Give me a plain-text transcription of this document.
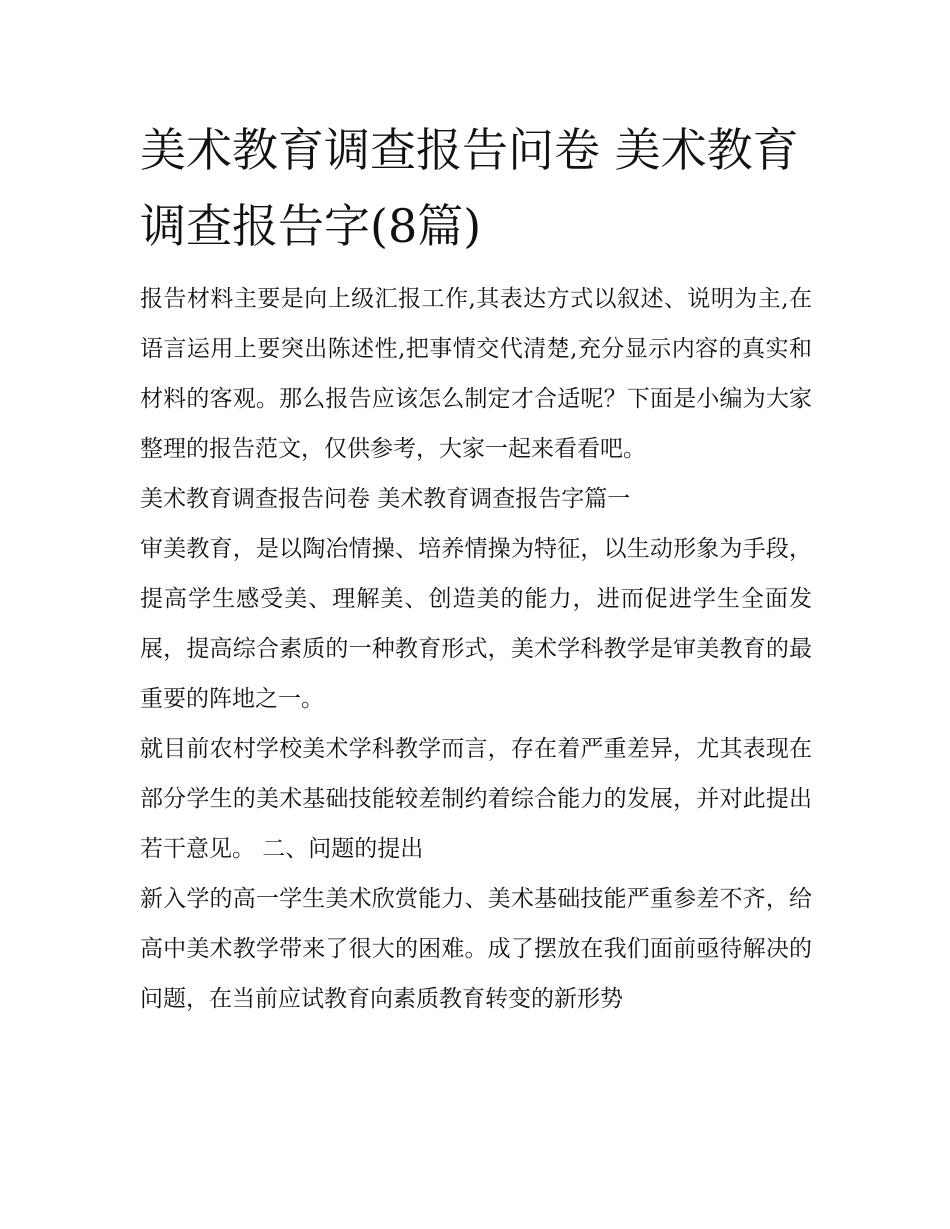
美术教育调查报告问卷 美术教育调查报告字(8篇)

报告材料主要是向上级汇报工作,其表达方式以叙述、说明为主,在语言运用上要突出陈述性,把事情交代清楚,充分显示内容的真实和材料的客观。那么报告应该怎么制定才合适呢？下面是小编为大家整理的报告范文，仅供参考，大家一起来看看吧。

美术教育调查报告问卷 美术教育调查报告字篇一

审美教育，是以陶冶情操、培养情操为特征，以生动形象为手段，提高学生感受美、理解美、创造美的能力，进而促进学生全面发展，提高综合素质的一种教育形式，美术学科教学是审美教育的最重要的阵地之一。

就目前农村学校美术学科教学而言，存在着严重差异，尤其表现在部分学生的美术基础技能较差制约着综合能力的发展，并对此提出若干意见。 二、问题的提出

新入学的高一学生美术欣赏能力、美术基础技能严重参差不齐，给高中美术教学带来了很大的困难。成了摆放在我们面前亟待解决的问题，在当前应试教育向素质教育转变的新形势
